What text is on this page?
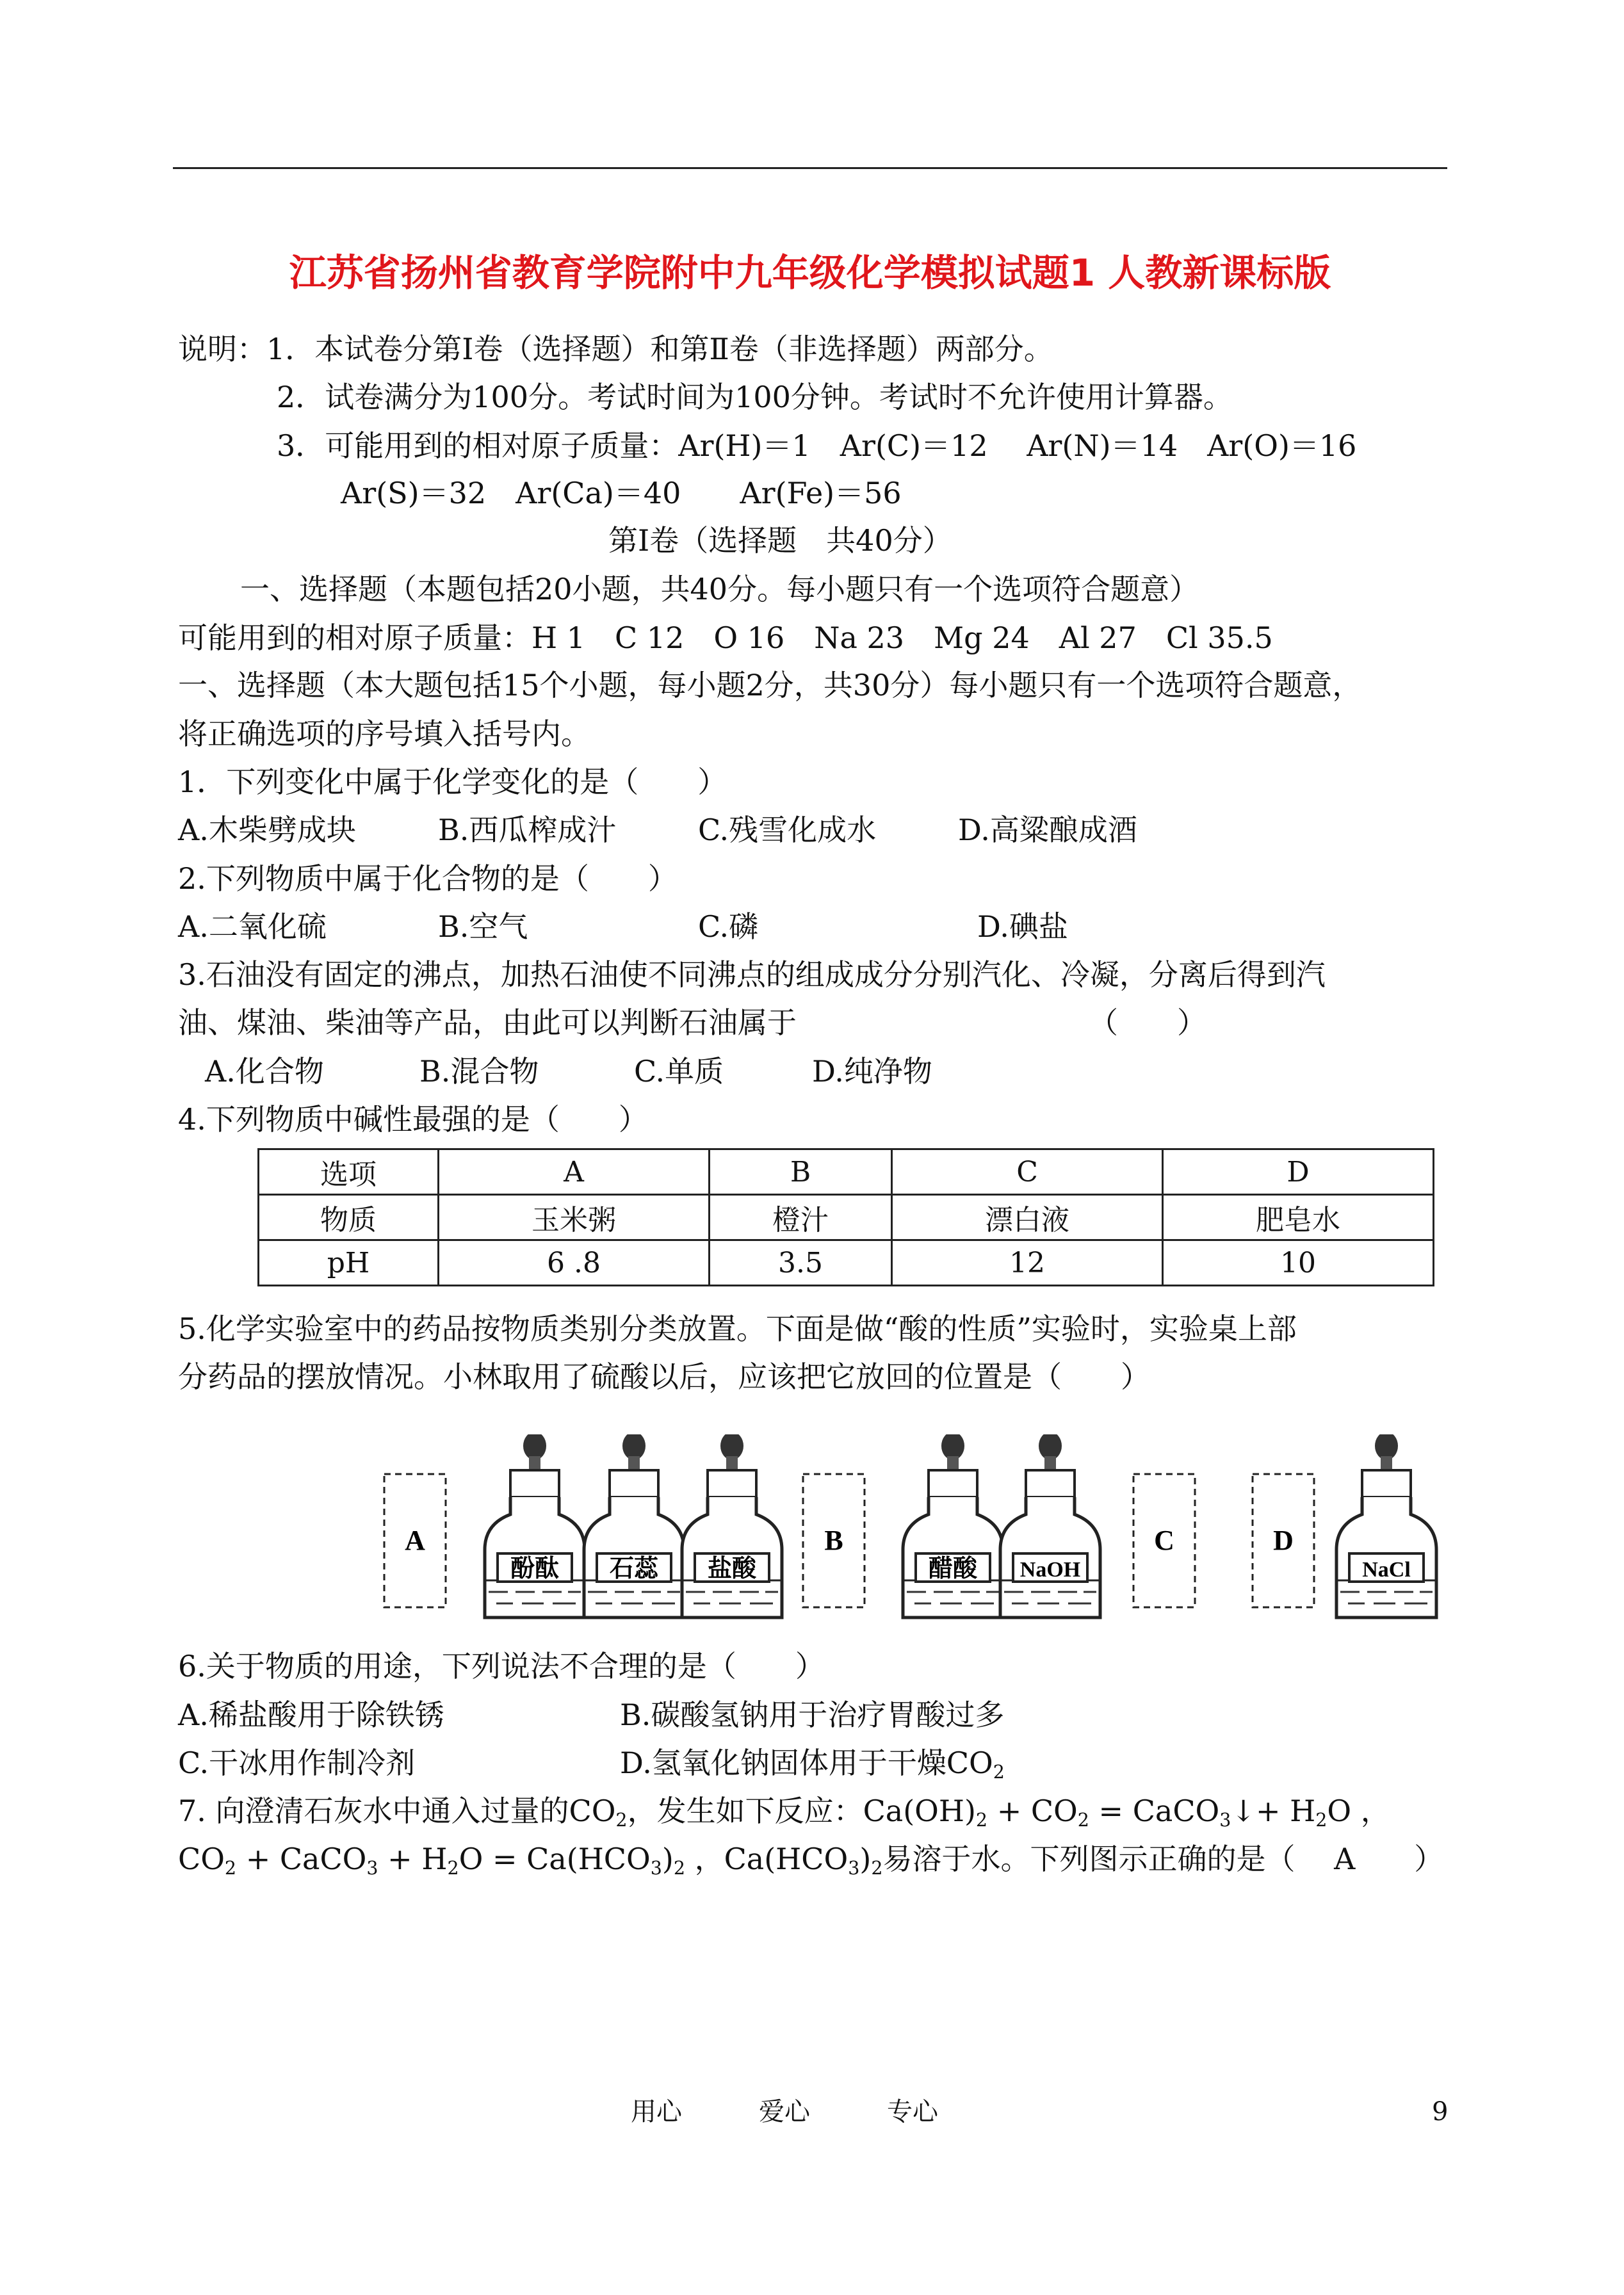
江苏省扬州省教育学院附中九年级化学模拟试题1 人教新课标版
说明：1．本试卷分第Ⅰ卷（选择题）和第Ⅱ卷（非选择题）两部分。
2．试卷满分为100分。考试时间为100分钟。考试时不允许使用计算器。
3．可能用到的相对原子质量：Ar(H)＝1　Ar(C)＝12　 Ar(N)＝14　Ar(O)＝16
Ar(S)＝32　Ar(Ca)＝40　　Ar(Fe)＝56
第Ⅰ卷（选择题　共40分）
一、选择题（本题包括20小题，共40分。每小题只有一个选项符合题意）
可能用到的相对原子质量：H 1　C 12　O 16　Na 23　Mg 24　Al 27　Cl 35.5
一、选择题（本大题包括15个小题，每小题2分，共30分）每小题只有一个选项符合题意，
将正确选项的序号填入括号内。
1．下列变化中属于化学变化的是（　　）
A.木柴劈成块	B.西瓜榨成汁	C.残雪化成水	D.高粱酿成酒
2.下列物质中属于化合物的是（　　）
A.二氧化硫	B.空气	C.磷	D.碘盐
3.石油没有固定的沸点，加热石油使不同沸点的组成成分分别汽化、冷凝，分离后得到汽
油、煤油、柴油等产品，由此可以判断石油属于	（　　）
A.化合物	B.混合物	C.单质	D.纯净物
4.下列物质中碱性最强的是（　　）
选项	A	B	C	D
物质	玉米粥	橙汁	漂白液	肥皂水
pH	6 .8	3.5	12	10
5.化学实验室中的药品按物质类别分类放置。下面是做“酸的性质”实验时，实验桌上部
分药品的摆放情况。小林取用了硫酸以后，应该把它放回的位置是（　　）
A	B	C	D
酚酞 石蕊 盐酸	醋酸 NaOH	NaCl
6.关于物质的用途，下列说法不合理的是（　　）
A.稀盐酸用于除铁锈	B.碳酸氢钠用于治疗胃酸过多
C.干冰用作制冷剂	D.氢氧化钠固体用于干燥$CO_2$
7. 向澄清石灰水中通入过量的$CO_2$，发生如下反应：$Ca(OH)_2 + CO_2$ = CaCO$_3$↓+ $H_2O$ ，
$CO_2$ + CaCO$_3$ + $H_2O = Ca(HCO_3)_2$ ，$Ca(HCO_3)_2$易溶于水。下列图示正确的是（　 A　　）
用心	爱心	专心	9
